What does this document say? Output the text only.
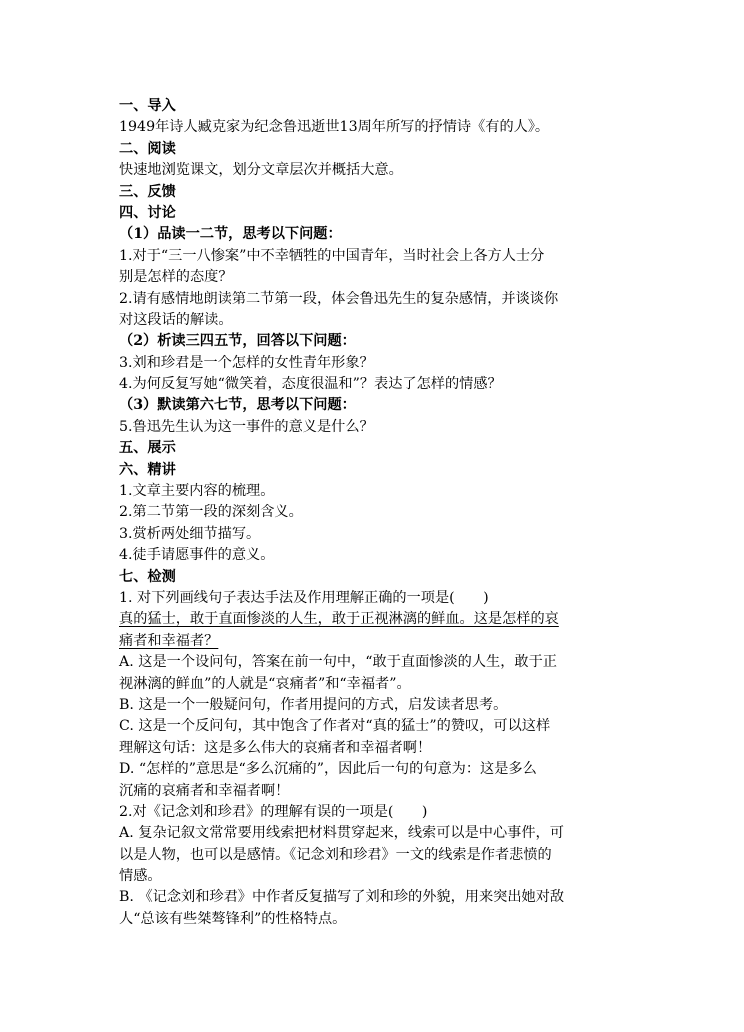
一、导入
1949年诗人臧克家为纪念鲁迅逝世13周年所写的抒情诗《有的人》。
二、阅读
快速地浏览课文，划分文章层次并概括大意。
三、反馈
四、讨论
（1）品读一二节，思考以下问题：
1.对于“三一八惨案”中不幸牺牲的中国青年，当时社会上各方人士分
别是怎样的态度？
2.请有感情地朗读第二节第一段，体会鲁迅先生的复杂感情，并谈谈你
对这段话的解读。
（2）析读三四五节，回答以下问题：
3.刘和珍君是一个怎样的女性青年形象？
4.为何反复写她“微笑着，态度很温和”？表达了怎样的情感？
（3）默读第六七节，思考以下问题：
5.鲁迅先生认为这一事件的意义是什么？
五、展示
六、精讲
1.文章主要内容的梳理。
2.第二节第一段的深刻含义。
3.赏析两处细节描写。
4.徒手请愿事件的意义。
七、检测
1. 对下列画线句子表达手法及作用理解正确的一项是(　　)
真的猛士，敢于直面惨淡的人生，敢于正视淋漓的鲜血。这是怎样的哀
痛者和幸福者？
A. 这是一个设问句，答案在前一句中，“敢于直面惨淡的人生，敢于正
视淋漓的鲜血”的人就是“哀痛者”和“幸福者”。
B. 这是一个一般疑问句，作者用提问的方式，启发读者思考。
C. 这是一个反问句，其中饱含了作者对“真的猛士”的赞叹，可以这样
理解这句话：这是多么伟大的哀痛者和幸福者啊！
D. “怎样的”意思是“多么沉痛的”，因此后一句的句意为：这是多么
沉痛的哀痛者和幸福者啊！
2.对《记念刘和珍君》的理解有误的一项是(　　)
A. 复杂记叙文常常要用线索把材料贯穿起来，线索可以是中心事件，可
以是人物，也可以是感情。《记念刘和珍君》一文的线索是作者悲愤的
情感。
B. 《记念刘和珍君》中作者反复描写了刘和珍的外貌，用来突出她对敌
人“总该有些桀骜锋利”的性格特点。
